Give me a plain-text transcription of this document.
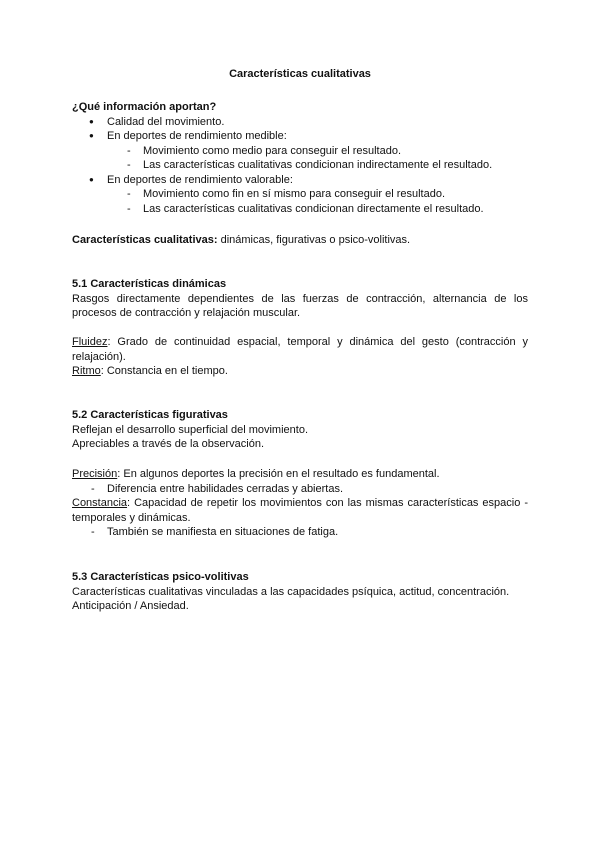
Características cualitativas
¿Qué información aportan?
● Calidad del movimiento.
● En deportes de rendimiento medible:
- Movimiento como medio para conseguir el resultado.
- Las características cualitativas condicionan indirectamente el resultado.
● En deportes de rendimiento valorable:
- Movimiento como fin en sí mismo para conseguir el resultado.
- Las características cualitativas condicionan directamente el resultado.
Características cualitativas: dinámicas, figurativas o psico-volitivas.
5.1 Características dinámicas
Rasgos directamente dependientes de las fuerzas de contracción, alternancia de los procesos de contracción y relajación muscular.
Fluidez: Grado de continuidad espacial, temporal y dinámica del gesto (contracción y relajación).
Ritmo: Constancia en el tiempo.
5.2 Características figurativas
Reflejan el desarrollo superficial del movimiento.
Apreciables a través de la observación.
Precisión: En algunos deportes la precisión en el resultado es fundamental.
- Diferencia entre habilidades cerradas y abiertas.
Constancia: Capacidad de repetir los movimientos con las mismas características espacio - temporales y dinámicas.
- También se manifiesta en situaciones de fatiga.
5.3 Características psico-volitivas
Características cualitativas vinculadas a las capacidades psíquica, actitud, concentración.
Anticipación / Ansiedad.
